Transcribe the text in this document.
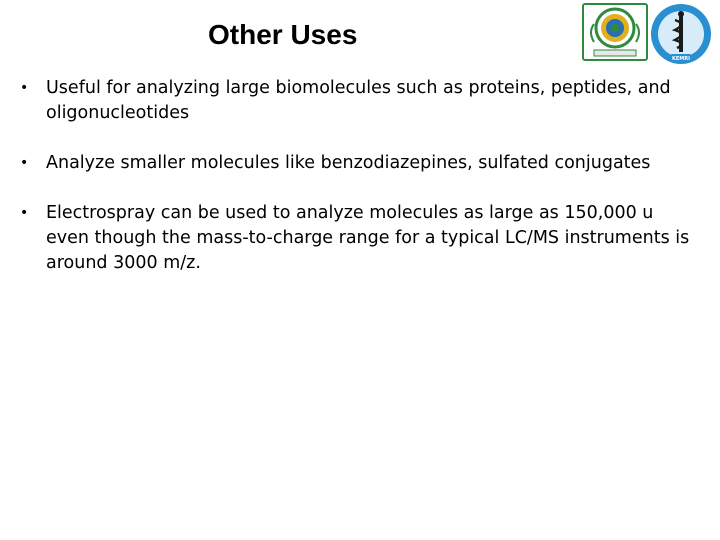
Other Uses
KEMRI
•	Useful for analyzing large biomolecules such as proteins, peptides, and oligonucleotides
•	Analyze smaller molecules like benzodiazepines, sulfated conjugates
•	Electrospray can be used to analyze molecules as large as 150,000 u even though the mass-to-charge range for a typical LC/MS instruments is around 3000 m/z.
